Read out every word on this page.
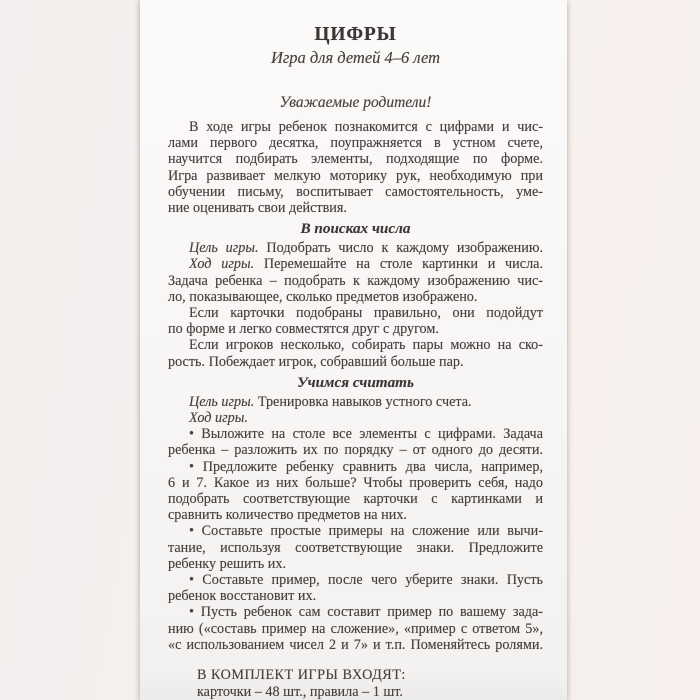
ЦИФРЫ
Игра для детей 4–6 лет
Уважаемые родители!
В ходе игры ребенок познакомится с цифрами и чис-
лами первого десятка, поупражняется в устном счете,
научится подбирать элементы, подходящие по форме.
Игра развивает мелкую моторику рук, необходимую при
обучении письму, воспитывает самостоятельность, уме-
ние оценивать свои действия.
В поисках числа
Цель игры. Подобрать число к каждому изображению.
Ход игры. Перемешайте на столе картинки и числа.
Задача ребенка – подобрать к каждому изображению чис-
ло, показывающее, сколько предметов изображено.
Если карточки подобраны правильно, они подойдут
по форме и легко совместятся друг с другом.
Если игроков несколько, собирать пары можно на ско-
рость. Побеждает игрок, собравший больше пар.
Учимся считать
Цель игры. Тренировка навыков устного счета.
Ход игры.
• Выложите на столе все элементы с цифрами. Задача
ребенка – разложить их по порядку – от одного до десяти.
• Предложите ребенку сравнить два числа, например,
6 и 7. Какое из них больше? Чтобы проверить себя, надо
подобрать соответствующие карточки с картинками и
сравнить количество предметов на них.
• Составьте простые примеры на сложение или вычи-
тание, используя соответствующие знаки. Предложите
ребенку решить их.
• Составьте пример, после чего уберите знаки. Пусть
ребенок восстановит их.
• Пусть ребенок сам составит пример по вашему зада-
нию («составь пример на сложение», «пример с ответом 5»,
«с использованием чисел 2 и 7» и т.п. Поменяйтесь ролями.
В КОМПЛЕКТ ИГРЫ ВХОДЯТ:
карточки – 48 шт., правила – 1 шт.
